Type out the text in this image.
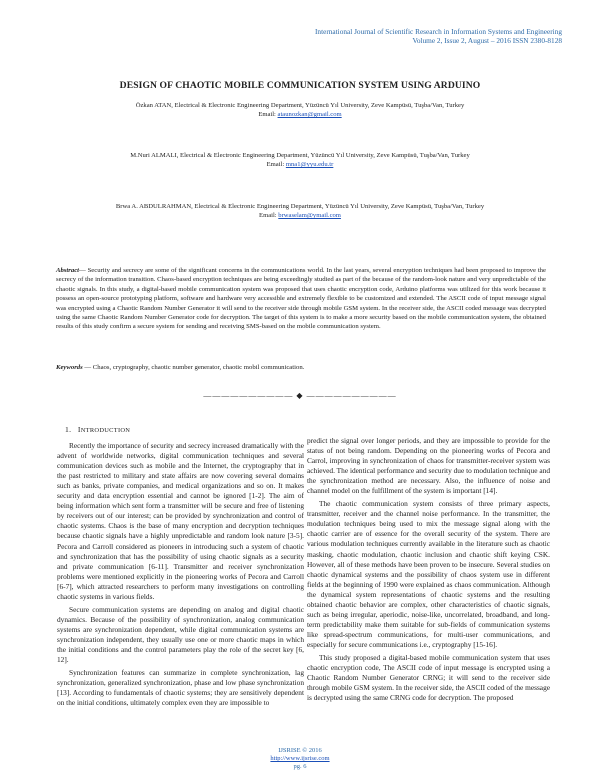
International Journal of Scientific Research in Information Systems and Engineering
Volume 2, Issue 2, August – 2016 ISSN 2380-8128
DESIGN OF CHAOTIC MOBILE COMMUNICATION SYSTEM USING ARDUINO
Özkan ATAN, Electrical & Electronic Engineering Department, Yüzüncü Yıl University, Zeve Kampüsü, Tuşba/Van, Turkey
Email: ataunozkan@gmail.com
M.Nuri ALMALI, Electrical & Electronic Engineering Department, Yüzüncü Yıl University, Zeve Kampüsü, Tuşba/Van, Turkey
Email: mna1@yyu.edu.tr
Brwa A. ABDULRAHMAN, Electrical & Electronic Engineering Department, Yüzüncü Yıl University, Zeve Kampüsü, Tuşba/Van, Turkey
Email: brwaselam@ymail.com
Abstract— Security and secrecy are some of the significant concerns in the communications world. In the last years, several encryption techniques had been proposed to improve the secrecy of the information transition. Chaos-based encryption techniques are being exceedingly studied as part of the because of the random-look nature and very unpredictable of the chaotic signals. In this study, a digital-based mobile communication system was proposed that uses chaotic encryption code, Arduino platforms was utilized for this work because it possess an open-source prototyping platform, software and hardware very accessible and extremely flexible to be customized and extended. The ASCII code of input message signal was encrypted using a Chaotic Random Number Generator it will send to the receiver side through mobile GSM system. In the receiver side, the ASCII coded message was decrypted using the same Chaotic Random Number Generator code for decryption. The target of this system is to make a more security based on the mobile communication system, the obtained results of this study confirm a secure system for sending and receiving SMS-based on the mobile communication system.
Keywords — Chaos, cryptography, chaotic number generator, chaotic mobil communication.
—————————— ◆ ——————————
1. INTRODUCTION

Recently the importance of security and secrecy increased dramatically with the advent of worldwide networks, digital communication techniques and several communication devices such as mobile and the Internet, the cryptography that in the past restricted to military and state affairs are now covering several domains such as banks, private companies, and medical organizations and so on. It makes security and data encryption essential and cannot be ignored [1-2]. The aim of being information which sent form a transmitter will be secure and free of listening by receivers out of our interest; can be provided by synchronization and control of chaotic systems. Chaos is the base of many encryption and decryption techniques because chaotic signals have a highly unpredictable and random look nature [3-5]. Pecora and Carroll considered as pioneers in introducing such a system of chaotic and synchronization that has the possibility of using chaotic signals as a security and private communication [6-11]. Transmitter and receiver synchronization problems were mentioned explicitly in the pioneering works of Pecora and Carroll [6-7], which attracted researchers to perform many investigations on controlling chaotic systems in various fields.

Secure communication systems are depending on analog and digital chaotic dynamics. Because of the possibility of synchronization, analog communication systems are synchronization dependent, while digital communication systems are synchronization independent, they usually use one or more chaotic maps in which the initial conditions and the control parameters play the role of the secret key [6, 12].

Synchronization features can summarize in complete synchronization, lag synchronization, generalized synchronization, phase and low phase synchronization [13]. According to fundamentals of chaotic systems; they are sensitively dependent on the initial conditions, ultimately complex even they are impossible to

predict the signal over longer periods, and they are impossible to provide for the status of not being random. Depending on the pioneering works of Pecora and Carrol, improving in synchronization of chaos for transmitter-receiver system was achieved. The identical performance and security due to modulation technique and the synchronization method are necessary. Also, the influence of noise and channel model on the fulfillment of the system is important [14].

The chaotic communication system consists of three primary aspects, transmitter, receiver and the channel noise performance. In the transmitter, the modulation techniques being used to mix the message signal along with the chaotic carrier are of essence for the overall security of the system. There are various modulation techniques currently available in the literature such as chaotic masking, chaotic modulation, chaotic inclusion and chaotic shift keying CSK. However, all of these methods have been proven to be insecure. Several studies on chaotic dynamical systems and the possibility of chaos system use in different fields at the beginning of 1990 were explained as chaos communication. Although the dynamical system representations of chaotic systems and the resulting obtained chaotic behavior are complex, other characteristics of chaotic signals, such as being irregular, aperiodic, noise-like, uncorrelated, broadband, and long-term predictability make them suitable for sub-fields of communication systems like spread-spectrum communications, for multi-user communications, and especially for secure communications i.e., cryptography [15-16].

This study proposed a digital-based mobile communication system that uses chaotic encryption code, The ASCII code of input message is encrypted using a Chaotic Random Number Generator CRNG; it will send to the receiver side through mobile GSM system. In the receiver side, the ASCII coded of the message is decrypted using the same CRNG code for decryption. The proposed

IJSRISE © 2016
http://www.ijsrise.com
pg. 6
